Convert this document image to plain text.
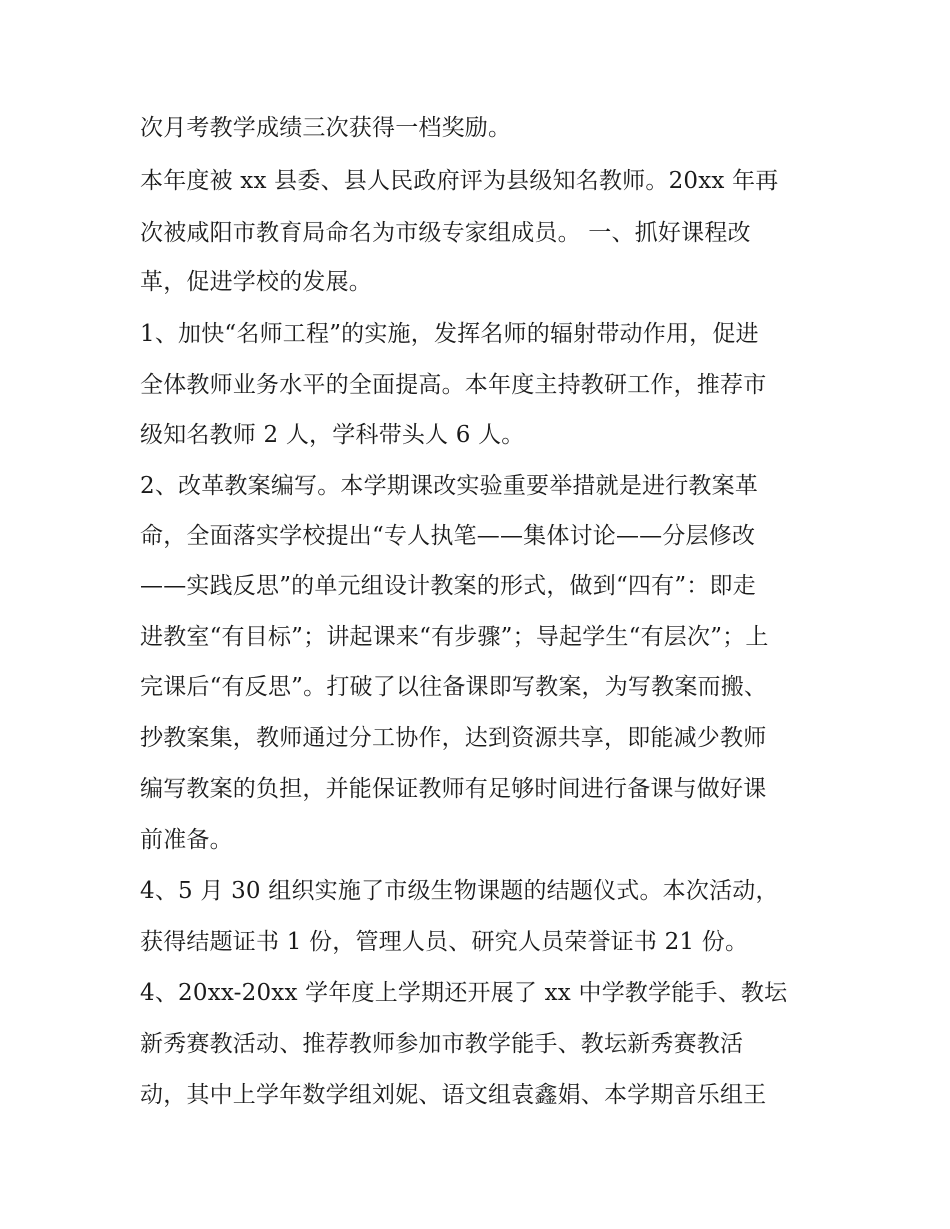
次月考教学成绩三次获得一档奖励。
本年度被 xx 县委、县人民政府评为县级知名教师。20xx 年再
次被咸阳市教育局命名为市级专家组成员。 一、抓好课程改
革，促进学校的发展。
1、加快“名师工程”的实施，发挥名师的辐射带动作用，促进
全体教师业务水平的全面提高。本年度主持教研工作，推荐市
级知名教师 2 人，学科带头人 6 人。
2、改革教案编写。本学期课改实验重要举措就是进行教案革
命，全面落实学校提出“专人执笔——集体讨论——分层修改
——实践反思”的单元组设计教案的形式，做到“四有”：即走
进教室“有目标”；讲起课来“有步骤”；导起学生“有层次”；上
完课后“有反思”。打破了以往备课即写教案，为写教案而搬、
抄教案集，教师通过分工协作，达到资源共享，即能减少教师
编写教案的负担，并能保证教师有足够时间进行备课与做好课
前准备。
4、5 月 30 组织实施了市级生物课题的结题仪式。本次活动，
获得结题证书 1 份，管理人员、研究人员荣誉证书 21 份。
4、20xx-20xx 学年度上学期还开展了 xx 中学教学能手、教坛
新秀赛教活动、推荐教师参加市教学能手、教坛新秀赛教活
动，其中上学年数学组刘妮、语文组袁鑫娟、本学期音乐组王
